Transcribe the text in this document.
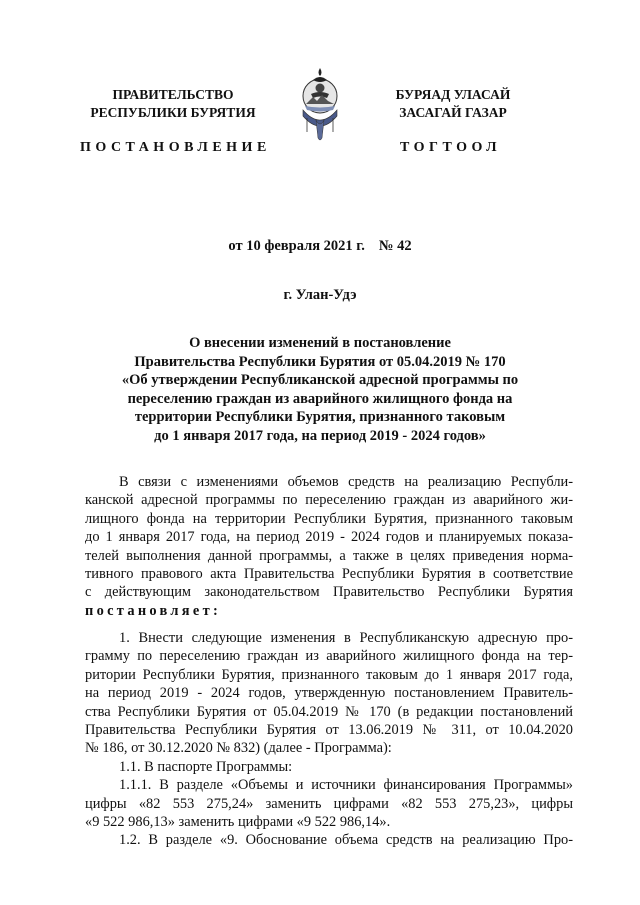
ПРАВИТЕЛЬСТВО
РЕСПУБЛИКИ БУРЯТИЯ
ПОСТАНОВЛЕНИЕ
БУРЯАД УЛАСАЙ
ЗАСАГАЙ ГАЗАР
ТОГТООЛ
от 10 февраля 2021 г. № 42
г. Улан-Удэ
О внесении изменений в постановление
Правительства Республики Бурятия от 05.04.2019 № 170
«Об утверждении Республиканской адресной программы по
переселению граждан из аварийного жилищного фонда на
территории Республики Бурятия, признанного таковым
до 1 января 2017 года, на период 2019 - 2024 годов»
В связи с изменениями объемов средств на реализацию Республи-
канской адресной программы по переселению граждан из аварийного жи-
лищного фонда на территории Республики Бурятия, признанного таковым
до 1 января 2017 года, на период 2019 - 2024 годов и планируемых показа-
телей выполнения данной программы, а также в целях приведения норма-
тивного правового акта Правительства Республики Бурятия в соответствие
с действующим законодательством Правительство Республики Бурятия
постановляет:
1. Внести следующие изменения в Республиканскую адресную про-
грамму по переселению граждан из аварийного жилищного фонда на тер-
ритории Республики Бурятия, признанного таковым до 1 января 2017 года,
на период 2019 - 2024 годов, утвержденную постановлением Правитель-
ства Республики Бурятия от 05.04.2019 № 170 (в редакции постановлений
Правительства Республики Бурятия от 13.06.2019 № 311, от 10.04.2020
№ 186, от 30.12.2020 № 832) (далее - Программа):
1.1. В паспорте Программы:
1.1.1. В разделе «Объемы и источники финансирования Программы»
цифры «82 553 275,24» заменить цифрами «82 553 275,23», цифры
«9 522 986,13» заменить цифрами «9 522 986,14».
1.2. В разделе «9. Обоснование объема средств на реализацию Про-
